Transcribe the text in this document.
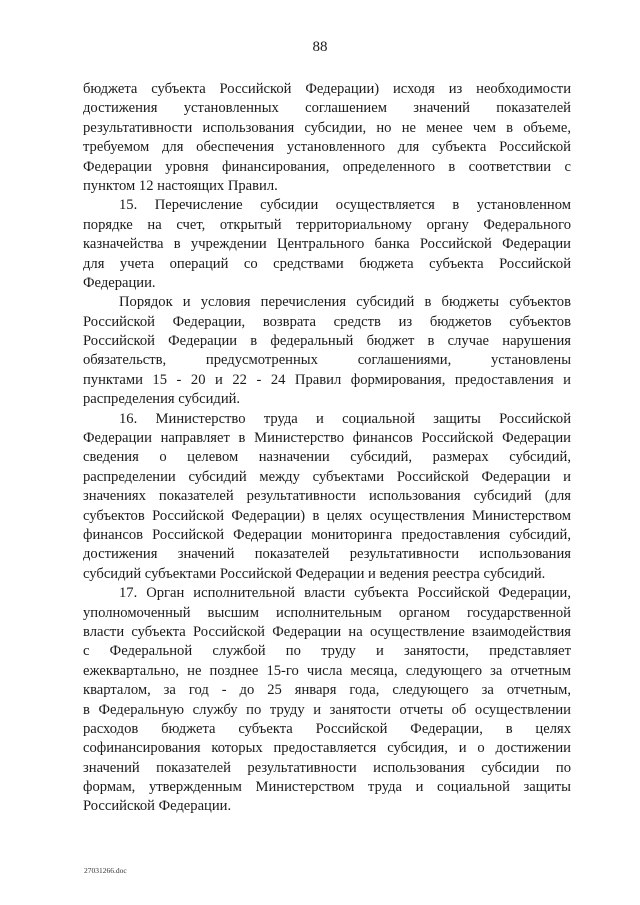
88
бюджета субъекта Российской Федерации) исходя из необходимости
достижения установленных соглашением значений показателей
результативности использования субсидии, но не менее чем в объеме,
требуемом для обеспечения установленного для субъекта Российской
Федерации уровня финансирования, определенного в соответствии с
пунктом 12 настоящих Правил.
15. Перечисление субсидии осуществляется в установленном
порядке на счет, открытый территориальному органу Федерального
казначейства в учреждении Центрального банка Российской Федерации
для учета операций со средствами бюджета субъекта Российской
Федерации.
Порядок и условия перечисления субсидий в бюджеты субъектов
Российской Федерации, возврата средств из бюджетов субъектов
Российской Федерации в федеральный бюджет в случае нарушения
обязательств, предусмотренных соглашениями, установлены
пунктами 15 - 20 и 22 - 24 Правил формирования, предоставления и
распределения субсидий.
16. Министерство труда и социальной защиты Российской
Федерации направляет в Министерство финансов Российской Федерации
сведения о целевом назначении субсидий, размерах субсидий,
распределении субсидий между субъектами Российской Федерации и
значениях показателей результативности использования субсидий (для
субъектов Российской Федерации) в целях осуществления Министерством
финансов Российской Федерации мониторинга предоставления субсидий,
достижения значений показателей результативности использования
субсидий субъектами Российской Федерации и ведения реестра субсидий.
17. Орган исполнительной власти субъекта Российской Федерации,
уполномоченный высшим исполнительным органом государственной
власти субъекта Российской Федерации на осуществление взаимодействия
с Федеральной службой по труду и занятости, представляет
ежеквартально, не позднее 15-го числа месяца, следующего за отчетным
кварталом, за год - до 25 января года, следующего за отчетным,
в Федеральную службу по труду и занятости отчеты об осуществлении
расходов бюджета субъекта Российской Федерации, в целях
софинансирования которых предоставляется субсидия, и о достижении
значений показателей результативности использования субсидии по
формам, утвержденным Министерством труда и социальной защиты
Российской Федерации.
27031266.doc
